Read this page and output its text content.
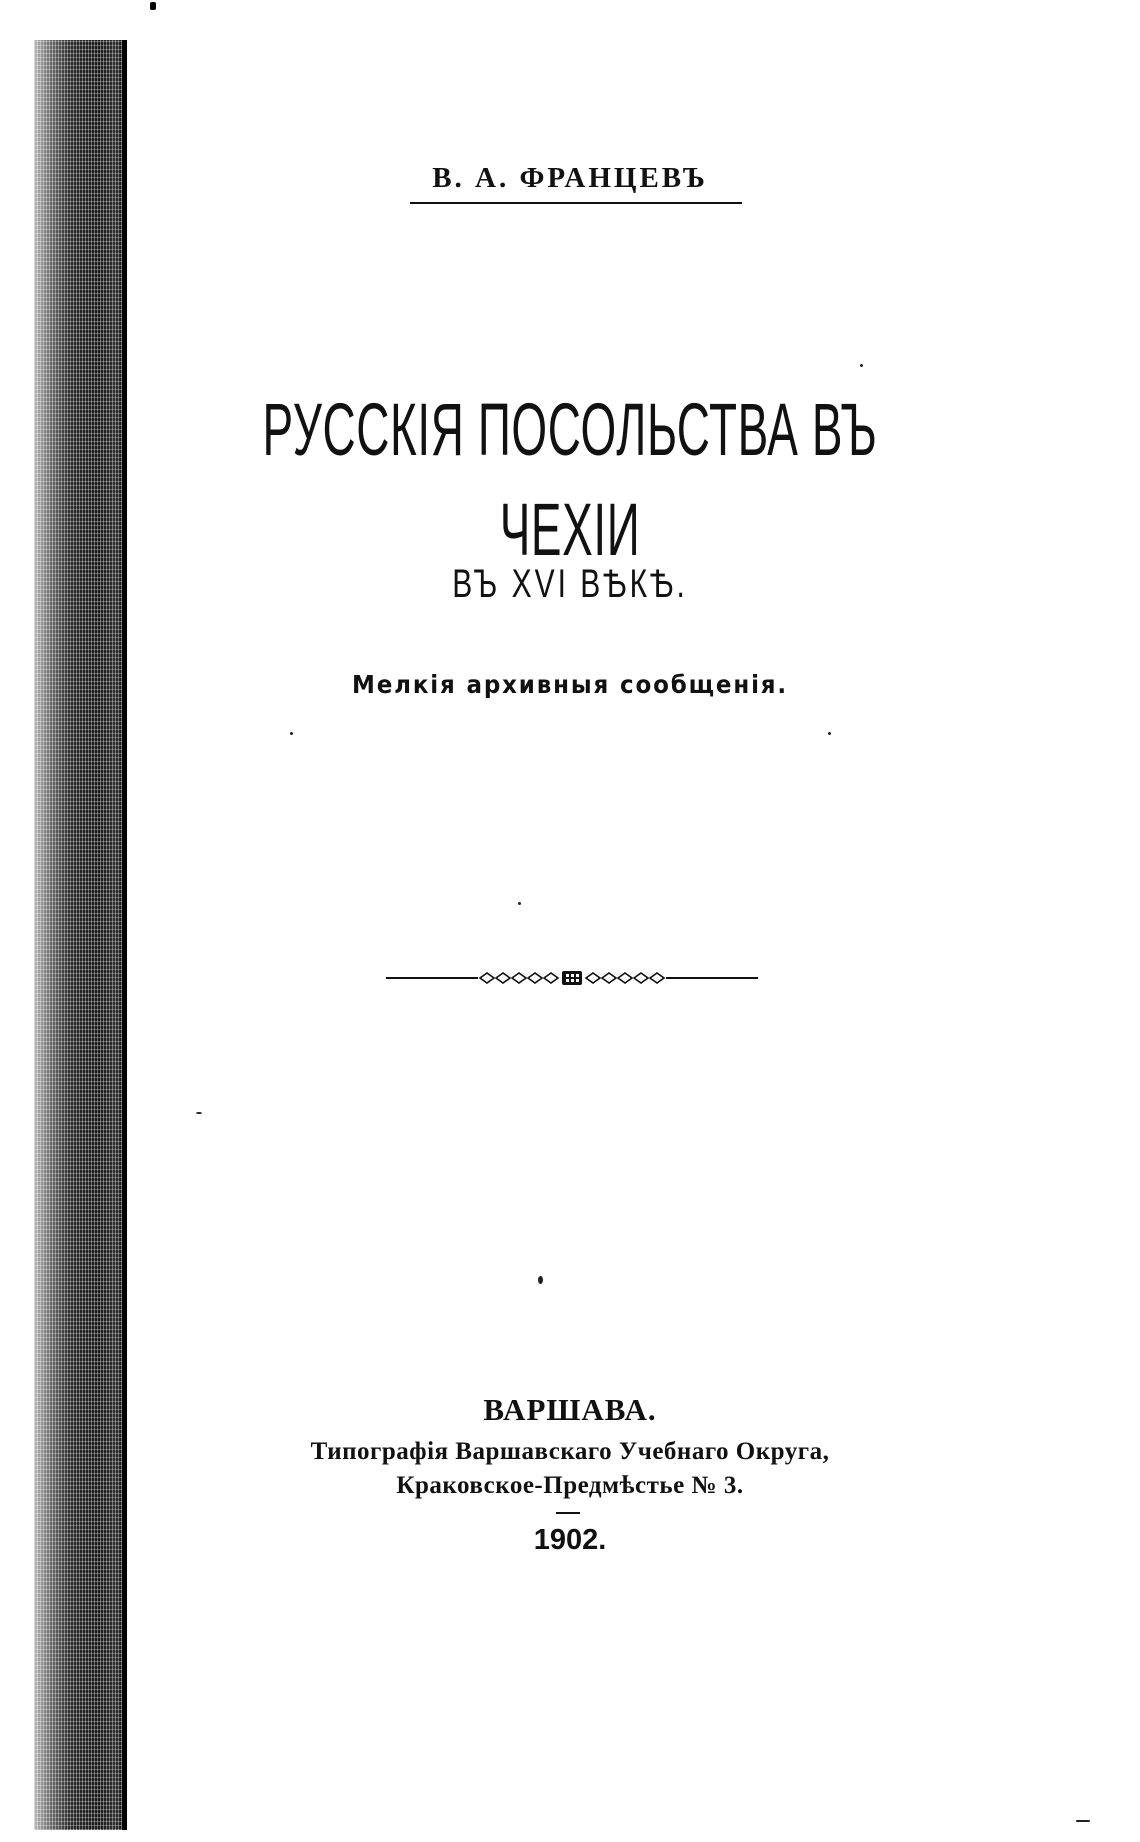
В. А. ФРАНЦЕВЪ
РУССКІЯ ПОСОЛЬСТВА ВЪ ЧЕХІИ
ВЪ XVI ВѢКѢ.
Мелкія архивныя сообщенія.
ВАРШАВА.
Типографія Варшавскаго Учебнаго Округа,
Краковское-Предмѣстье № 3.
1902.
